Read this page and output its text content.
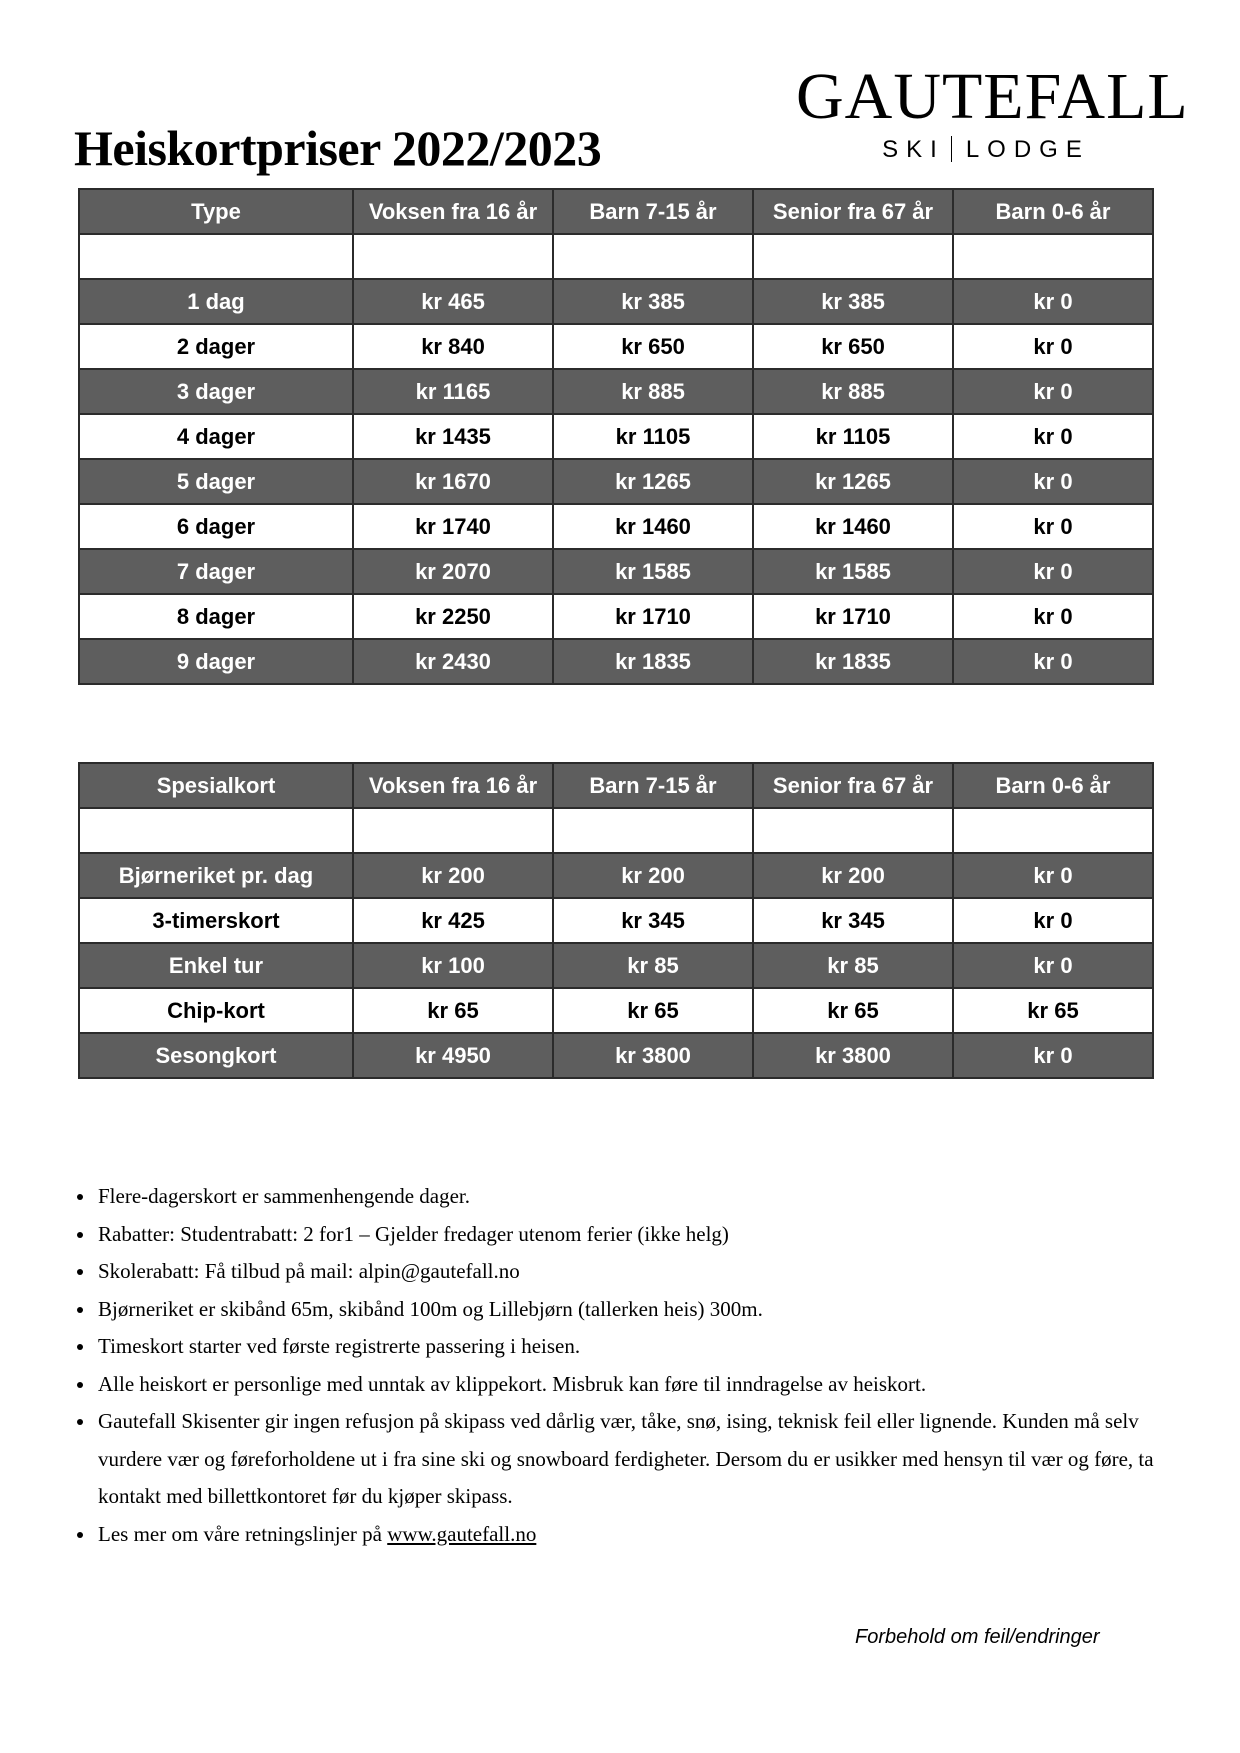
Heiskortpriser 2022/2023
GAUTEFALL
SKI LODGE
Type	Voksen fra 16 år	Barn 7-15 år	Senior fra 67 år	Barn 0-6 år

1 dag	kr 465	kr 385	kr 385	kr 0
2 dager	kr 840	kr 650	kr 650	kr 0
3 dager	kr 1165	kr 885	kr 885	kr 0
4 dager	kr 1435	kr 1105	kr 1105	kr 0
5 dager	kr 1670	kr 1265	kr 1265	kr 0
6 dager	kr 1740	kr 1460	kr 1460	kr 0
7 dager	kr 2070	kr 1585	kr 1585	kr 0
8 dager	kr 2250	kr 1710	kr 1710	kr 0
9 dager	kr 2430	kr 1835	kr 1835	kr 0
Spesialkort	Voksen fra 16 år	Barn 7-15 år	Senior fra 67 år	Barn 0-6 år

Bjørneriket pr. dag	kr 200	kr 200	kr 200	kr 0
3-timerskort	kr 425	kr 345	kr 345	kr 0
Enkel tur	kr 100	kr 85	kr 85	kr 0
Chip-kort	kr 65	kr 65	kr 65	kr 65
Sesongkort	kr 4950	kr 3800	kr 3800	kr 0
• Flere-dagerskort er sammenhengende dager.
• Rabatter: Studentrabatt: 2 for1 – Gjelder fredager utenom ferier (ikke helg)
• Skolerabatt: Få tilbud på mail: alpin@gautefall.no
• Bjørneriket er skibånd 65m, skibånd 100m og Lillebjørn (tallerken heis) 300m.
• Timeskort starter ved første registrerte passering i heisen.
• Alle heiskort er personlige med unntak av klippekort. Misbruk kan føre til inndragelse av heiskort.
• Gautefall Skisenter gir ingen refusjon på skipass ved dårlig vær, tåke, snø, ising, teknisk feil eller lignende. Kunden må selv vurdere vær og føreforholdene ut i fra sine ski og snowboard ferdigheter. Dersom du er usikker med hensyn til vær og føre, ta kontakt med billettkontoret før du kjøper skipass.
• Les mer om våre retningslinjer på www.gautefall.no
Forbehold om feil/endringer
